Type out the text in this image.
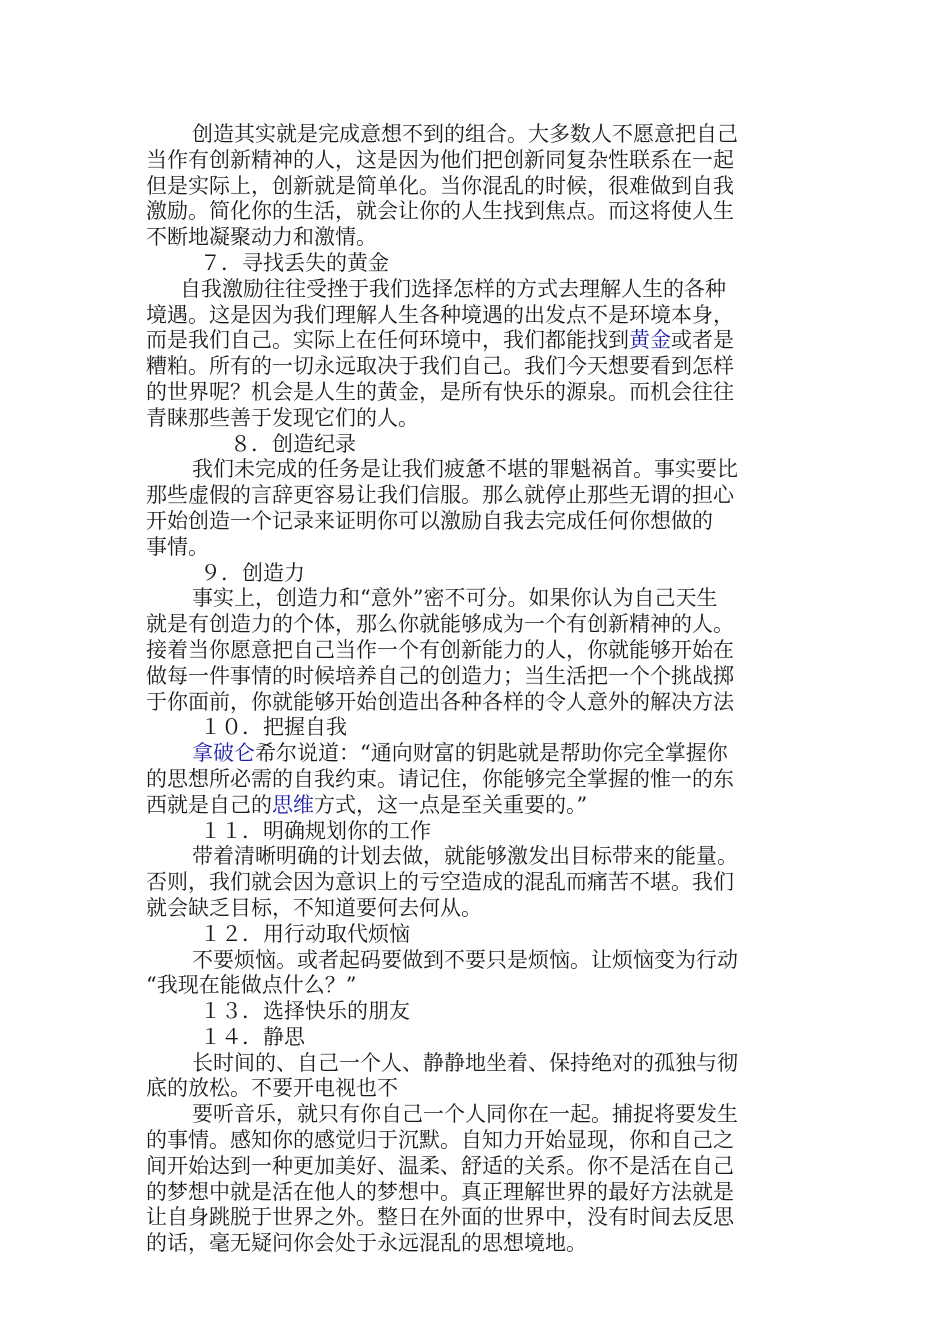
创造其实就是完成意想不到的组合。大多数人不愿意把自己
当作有创新精神的人，这是因为他们把创新同复杂性联系在一起
但是实际上，创新就是简单化。当你混乱的时候，很难做到自我
激励。简化你的生活，就会让你的人生找到焦点。而这将使人生
不断地凝聚动力和激情。
７．寻找丢失的黄金
自我激励往往受挫于我们选择怎样的方式去理解人生的各种
境遇。这是因为我们理解人生各种境遇的出发点不是环境本身，
而是我们自己。实际上在任何环境中，我们都能找到黄金或者是
糟粕。所有的一切永远取决于我们自己。我们今天想要看到怎样
的世界呢？机会是人生的黄金，是所有快乐的源泉。而机会往往
青睐那些善于发现它们的人。
８．创造纪录
我们未完成的任务是让我们疲惫不堪的罪魁祸首。事实要比
那些虚假的言辞更容易让我们信服。那么就停止那些无谓的担心
开始创造一个记录来证明你可以激励自我去完成任何你想做的
事情。
９．创造力
事实上，创造力和“意外”密不可分。如果你认为自己天生
就是有创造力的个体，那么你就能够成为一个有创新精神的人。
接着当你愿意把自己当作一个有创新能力的人，你就能够开始在
做每一件事情的时候培养自己的创造力；当生活把一个个挑战掷
于你面前，你就能够开始创造出各种各样的令人意外的解决方法
１０．把握自我
拿破仑希尔说道：“通向财富的钥匙就是帮助你完全掌握你
的思想所必需的自我约束。请记住，你能够完全掌握的惟一的东
西就是自己的思维方式，这一点是至关重要的。”
１１．明确规划你的工作
带着清晰明确的计划去做，就能够激发出目标带来的能量。
否则，我们就会因为意识上的亏空造成的混乱而痛苦不堪。我们
就会缺乏目标，不知道要何去何从。
１２．用行动取代烦恼
不要烦恼。或者起码要做到不要只是烦恼。让烦恼变为行动
“我现在能做点什么？”
１３．选择快乐的朋友
１４．静思
长时间的、自己一个人、静静地坐着、保持绝对的孤独与彻
底的放松。不要开电视也不
要听音乐，就只有你自己一个人同你在一起。捕捉将要发生
的事情。感知你的感觉归于沉默。自知力开始显现，你和自己之
间开始达到一种更加美好、温柔、舒适的关系。你不是活在自己
的梦想中就是活在他人的梦想中。真正理解世界的最好方法就是
让自身跳脱于世界之外。整日在外面的世界中，没有时间去反思
的话，毫无疑问你会处于永远混乱的思想境地。
